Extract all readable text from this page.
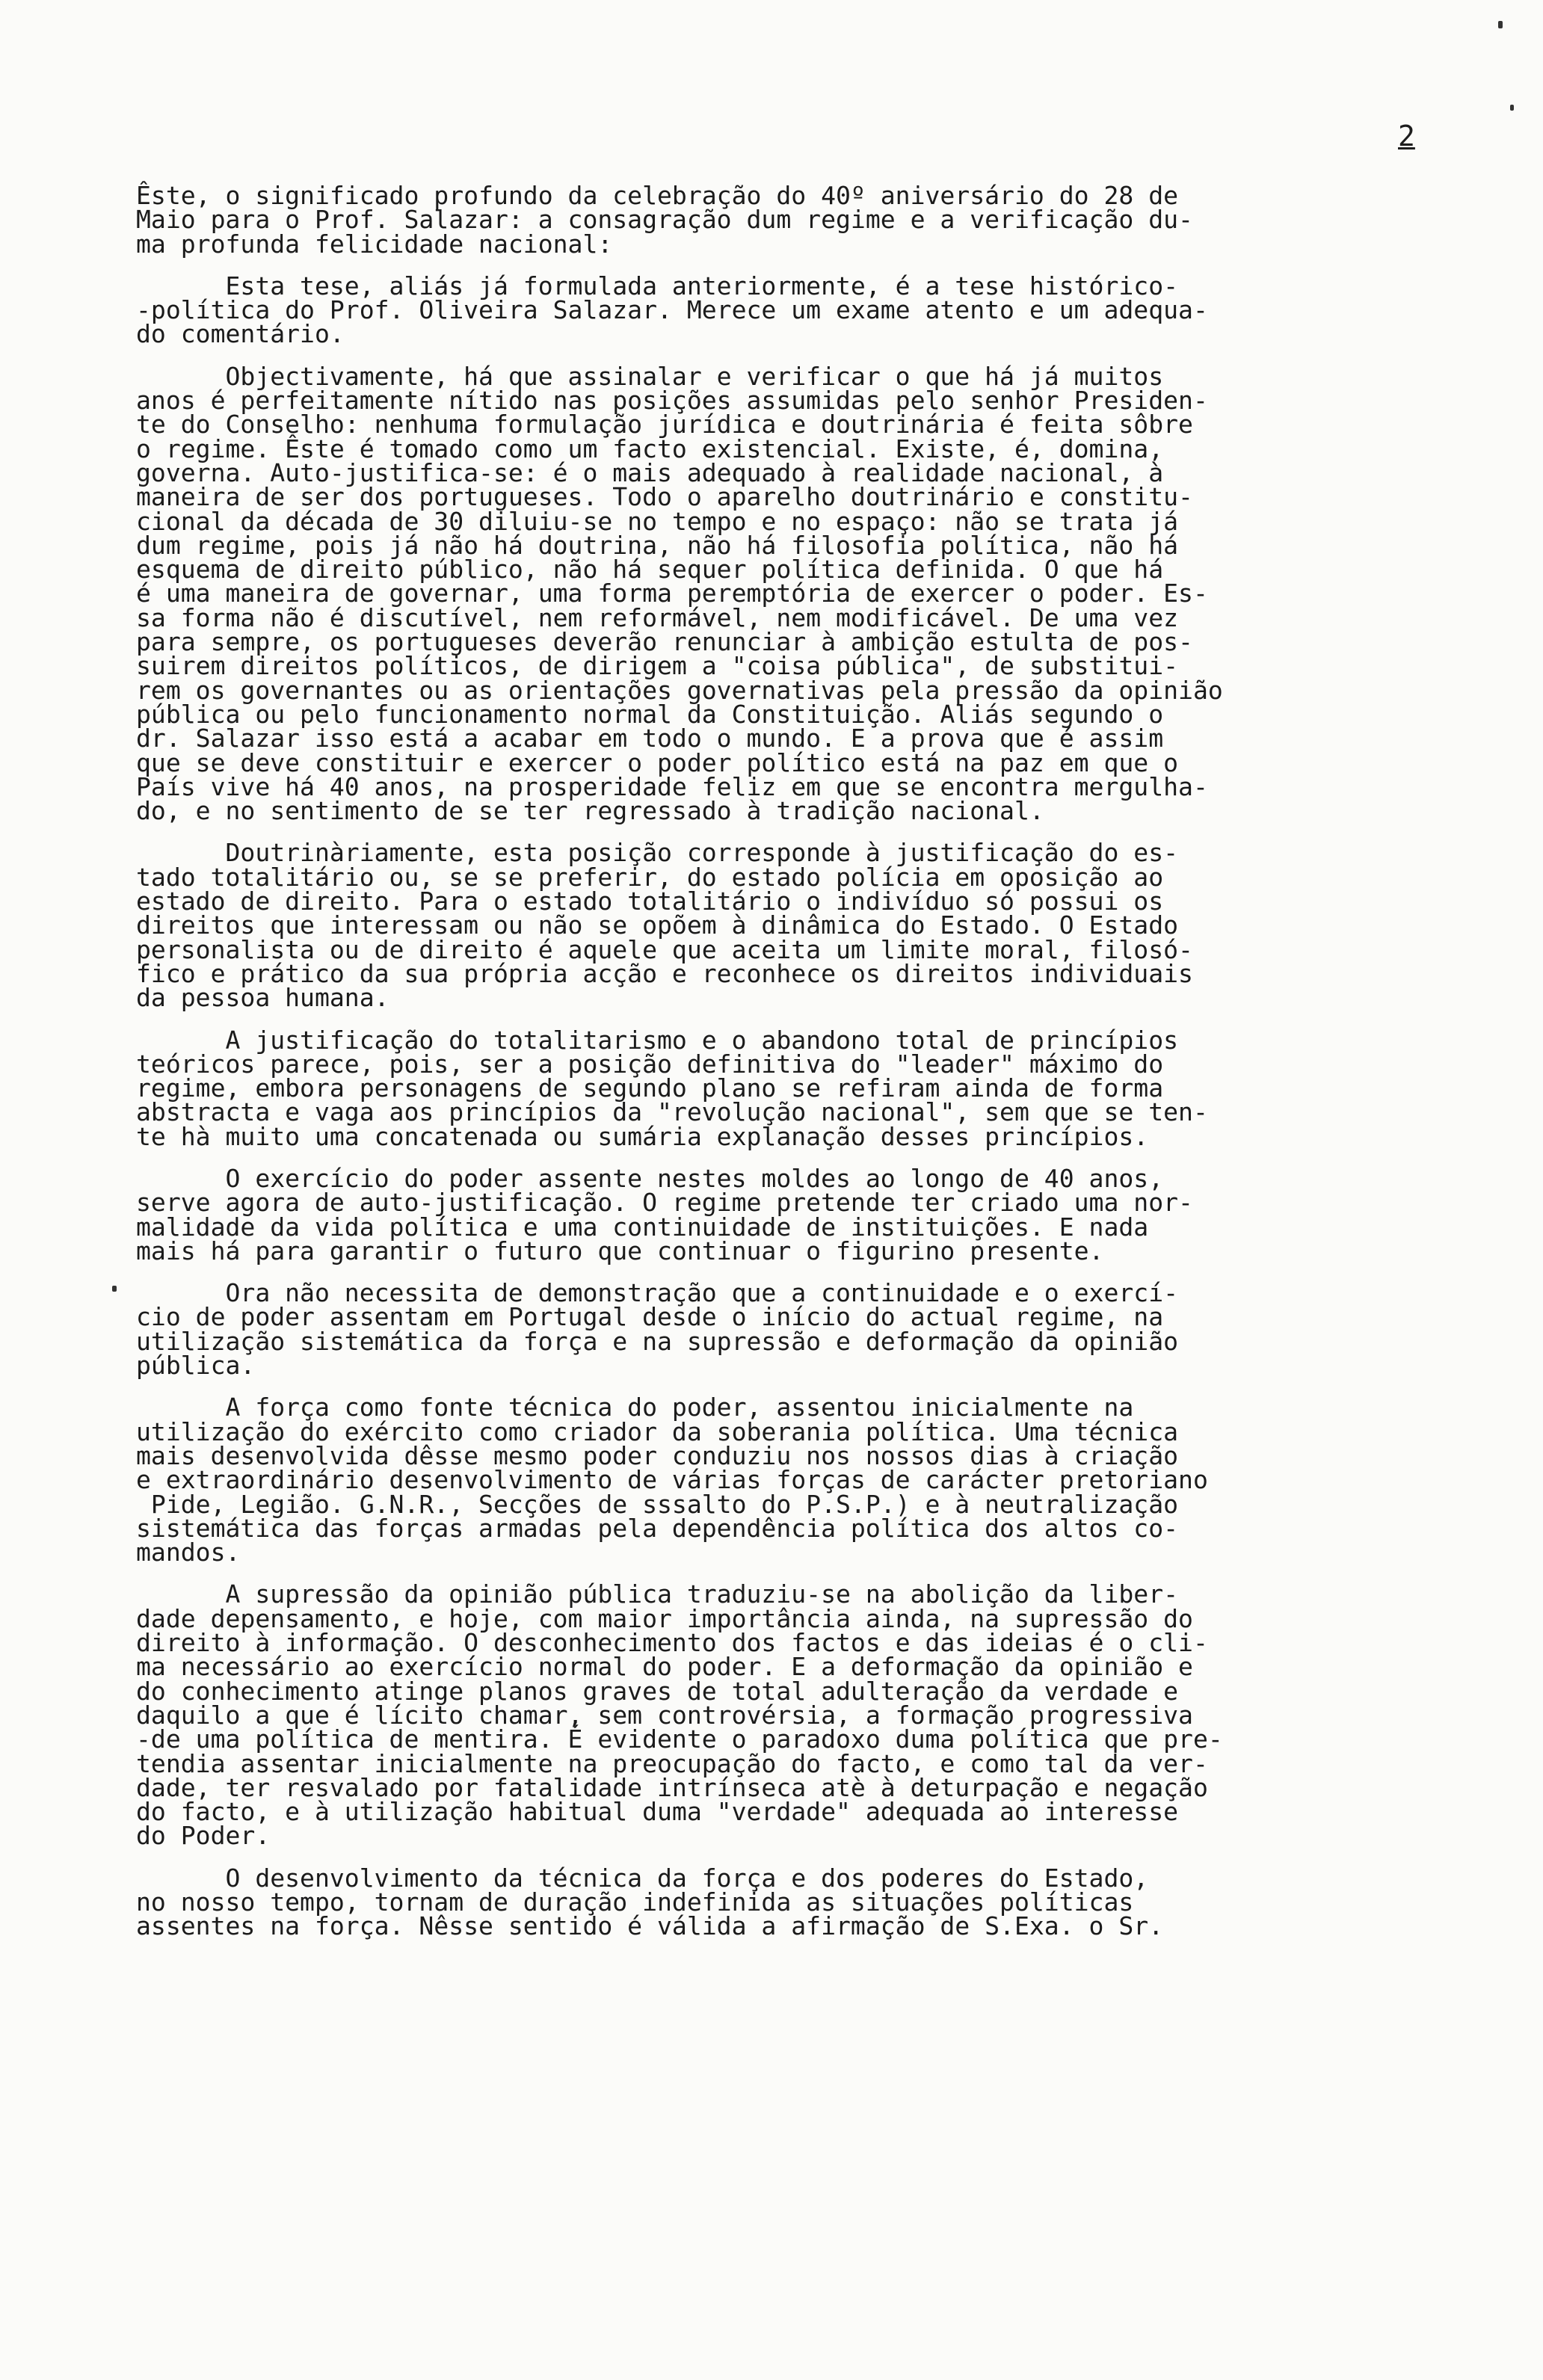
2

Êste, o significado profundo da celebração do 40º aniversário do 28 de
Maio para o Prof. Salazar: a consagração dum regime e a verificação du-
ma profunda felicidade nacional:

Esta tese, aliás já formulada anteriormente, é a tese histórico-
-política do Prof. Oliveira Salazar. Merece um exame atento e um adequa-
do comentário.

Objectivamente, há que assinalar e verificar o que há já muitos
anos é perfeitamente nítido nas posições assumidas pelo senhor Presiden-
te do Conselho: nenhuma formulação jurídica e doutrinária é feita sôbre
o regime. Êste é tomado como um facto existencial. Existe, é, domina,
governa. Auto-justifica-se: é o mais adequado à realidade nacional, à
maneira de ser dos portugueses. Todo o aparelho doutrinário e constitu-
cional da década de 30 diluiu-se no tempo e no espaço: não se trata já
dum regime, pois já não há doutrina, não há filosofia política, não há
esquema de direito público, não há sequer política definida. O que há
é uma maneira de governar, uma forma peremptória de exercer o poder. Es-
sa forma não é discutível, nem reformável, nem modificável. De uma vez
para sempre, os portugueses deverão renunciar à ambição estulta de pos-
suirem direitos políticos, de dirigem a "coisa pública", de substitui-
rem os governantes ou as orientações governativas pela pressão da opinião
pública ou pelo funcionamento normal da Constituição. Aliás segundo o
dr. Salazar isso está a acabar em todo o mundo. E a prova que é assim
que se deve constituir e exercer o poder político está na paz em que o
País vive há 40 anos, na prosperidade feliz em que se encontra mergulha-
do, e no sentimento de se ter regressado à tradição nacional.

Doutrinàriamente, esta posição corresponde à justificação do es-
tado totalitário ou, se se preferir, do estado polícia em oposição ao
estado de direito. Para o estado totalitário o indivíduo só possui os
direitos que interessam ou não se opõem à dinâmica do Estado. O Estado
personalista ou de direito é aquele que aceita um limite moral, filosó-
fico e prático da sua própria acção e reconhece os direitos individuais
da pessoa humana.

A justificação do totalitarismo e o abandono total de princípios
teóricos parece, pois, ser a posição definitiva do "leader" máximo do
regime, embora personagens de segundo plano se refiram ainda de forma
abstracta e vaga aos princípios da "revolução nacional", sem que se ten-
te hà muito uma concatenada ou sumária explanação desses princípios.

O exercício do poder assente nestes moldes ao longo de 40 anos,
serve agora de auto-justificação. O regime pretende ter criado uma nor-
malidade da vida política e uma continuidade de instituições. E nada
mais há para garantir o futuro que continuar o figurino presente.

Ora não necessita de demonstração que a continuidade e o exercí-
cio de poder assentam em Portugal desde o início do actual regime, na
utilização sistemática da força e na supressão e deformação da opinião
pública.

A força como fonte técnica do poder, assentou inicialmente na
utilização do exército como criador da soberania política. Uma técnica
mais desenvolvida dêsse mesmo poder conduziu nos nossos dias à criação
e extraordinário desenvolvimento de várias forças de carácter pretoriano
Pide, Legião. G.N.R., Secções de sssalto do P.S.P.) e à neutralização
sistemática das forças armadas pela dependência política dos altos co-
mandos.

A supressão da opinião pública traduziu-se na abolição da liber-
dade depensamento, e hoje, com maior importância ainda, na supressão do
direito à informação. O desconhecimento dos factos e das ideias é o cli-
ma necessário ao exercício normal do poder. E a deformação da opinião e
do conhecimento atinge planos graves de total adulteração da verdade e
daquilo a que é lícito chamar, sem controvérsia, a formação progressiva
-de uma política de mentira. É evidente o paradoxo duma política que pre-
tendia assentar inicialmente na preocupação do facto, e como tal da ver-
dade, ter resvalado por fatalidade intrínseca atè à deturpação e negação
do facto, e à utilização habitual duma "verdade" adequada ao interesse
do Poder.

O desenvolvimento da técnica da força e dos poderes do Estado,
no nosso tempo, tornam de duração indefinida as situações políticas
assentes na força. Nêsse sentido é válida a afirmação de S.Exa. o Sr.
